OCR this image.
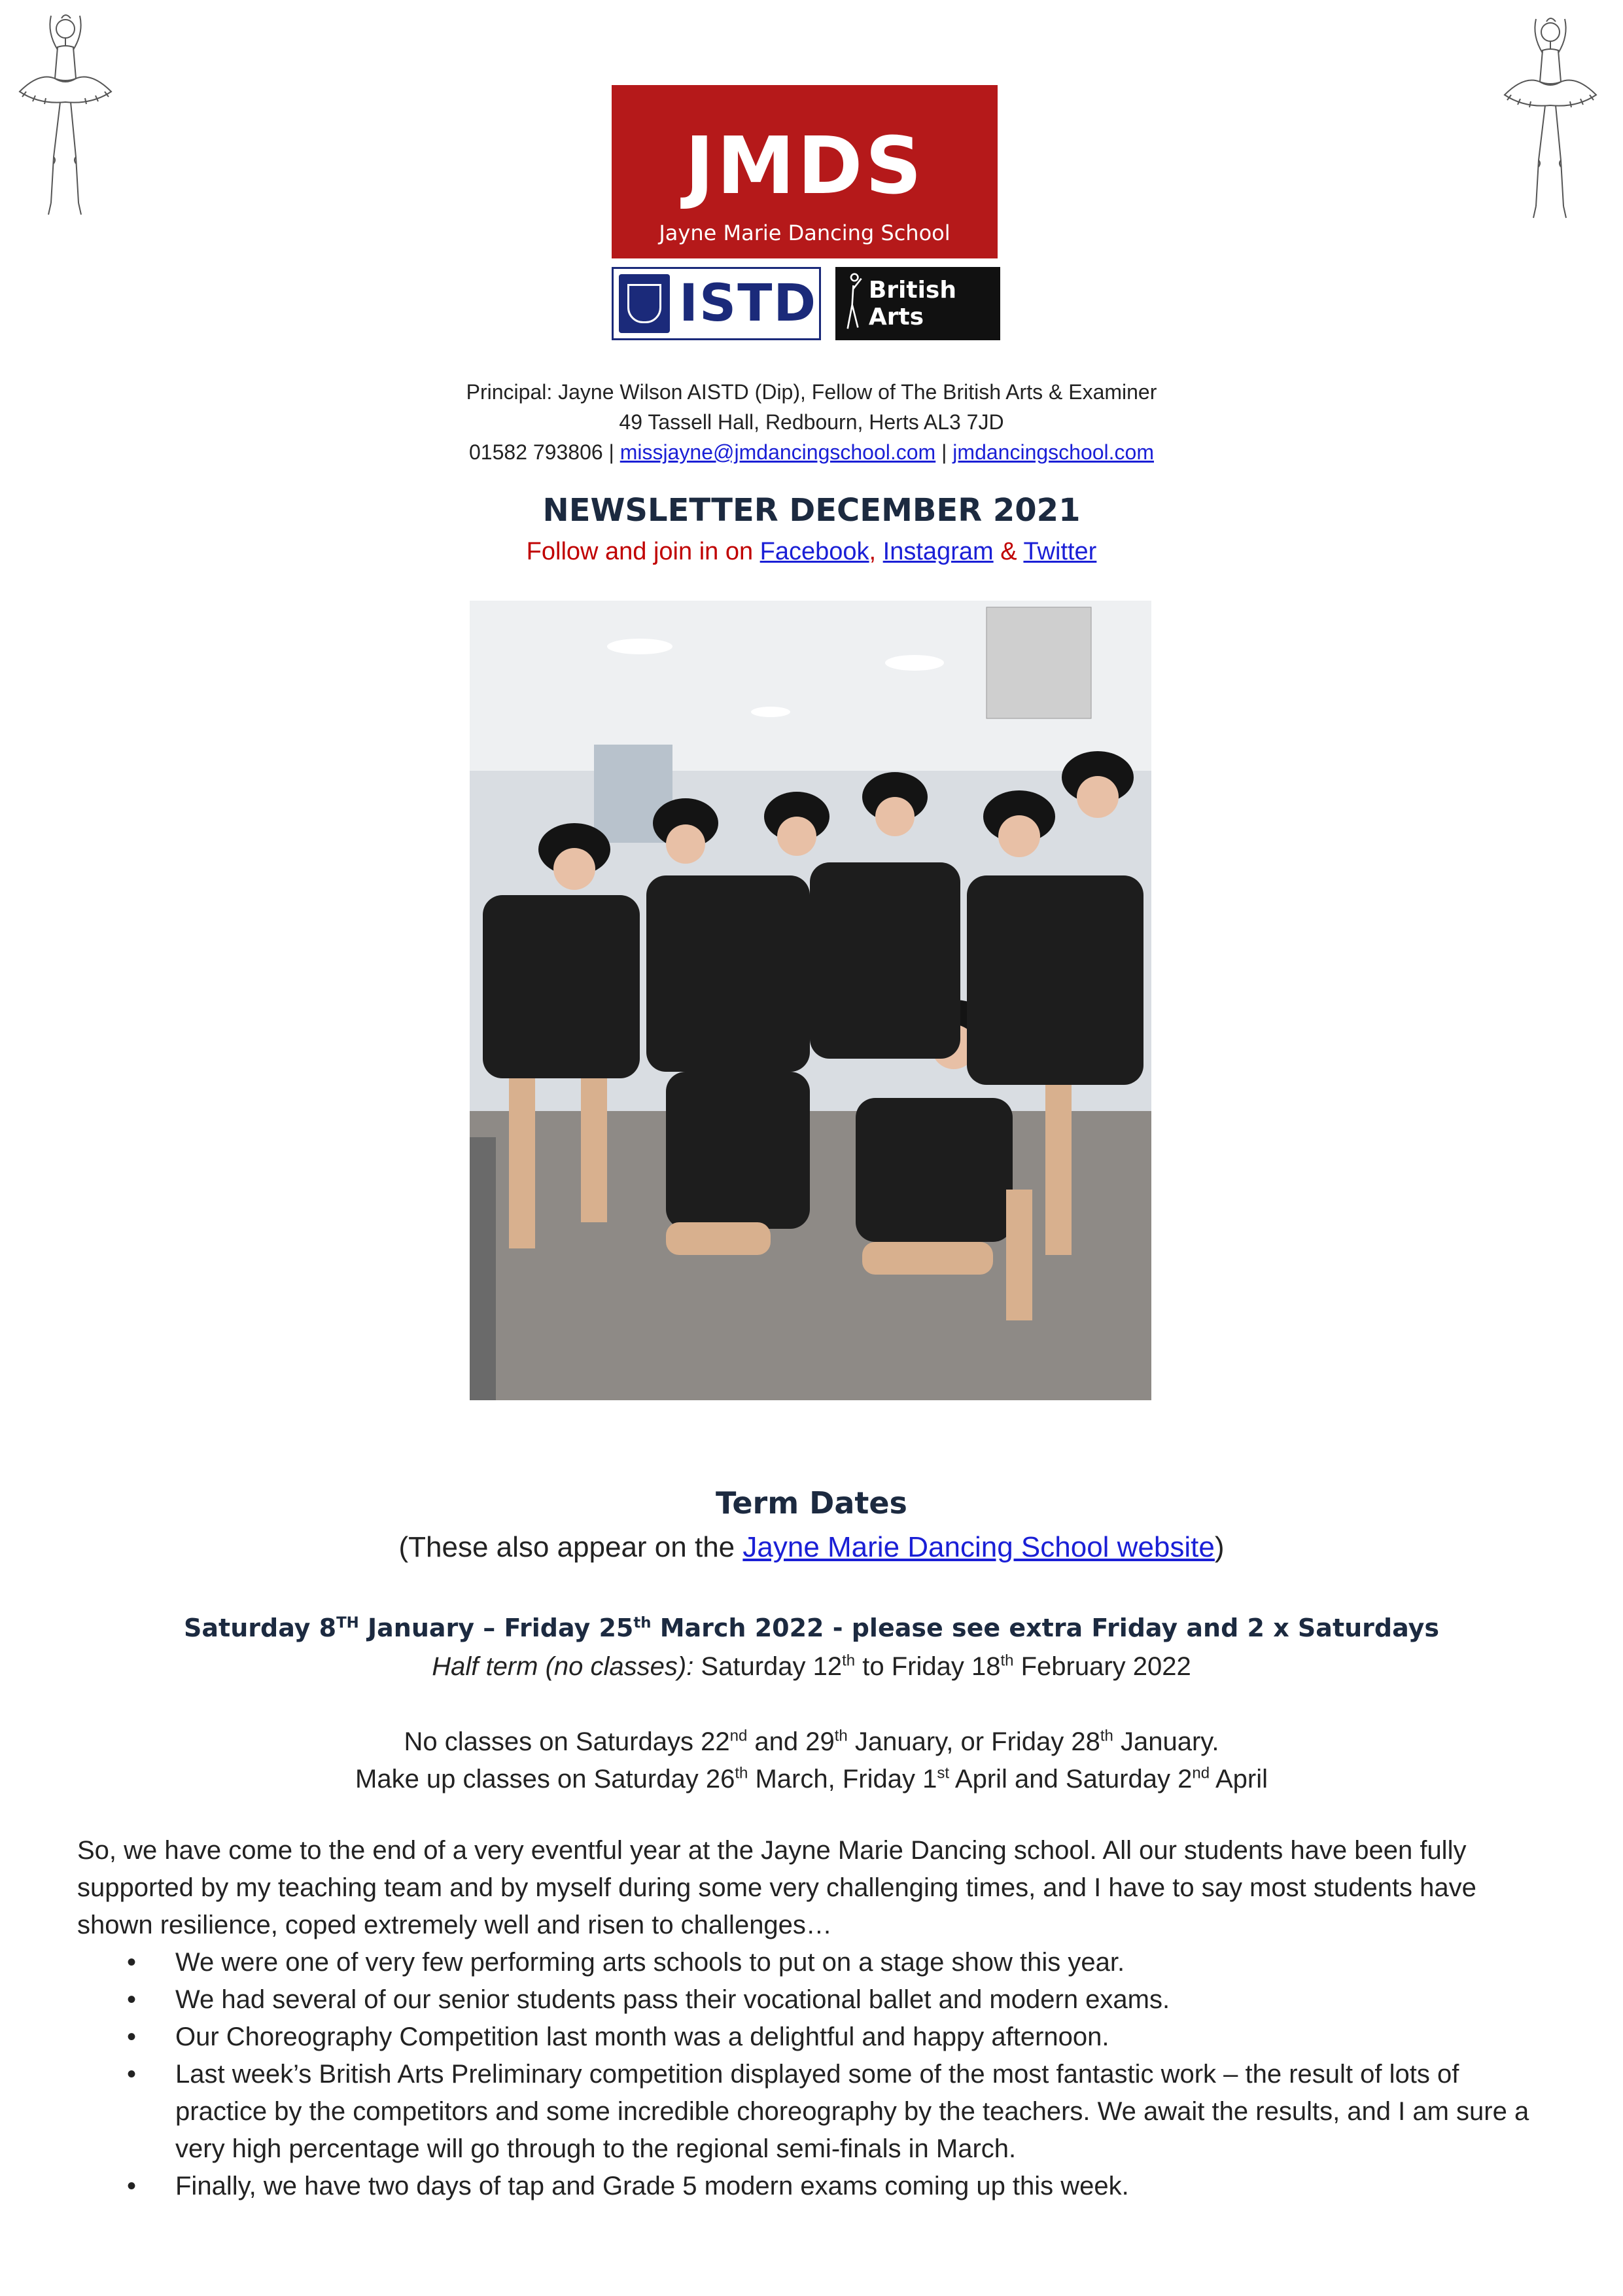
JMDS
Jayne Marie Dancing School
ISTD British Arts
Principal: Jayne Wilson AISTD (Dip), Fellow of The British Arts & Examiner
49 Tassell Hall, Redbourn, Herts AL3 7JD
01582 793806 | missjayne@jmdancingschool.com | jmdancingschool.com
NEWSLETTER DECEMBER 2021
Follow and join in on Facebook, Instagram & Twitter
Term Dates
(These also appear on the Jayne Marie Dancing School website)
Saturday 8TH January – Friday 25th March 2022 - please see extra Friday and 2 x Saturdays
Half term (no classes): Saturday 12th to Friday 18th February 2022
No classes on Saturdays 22nd and 29th January, or Friday 28th January.
Make up classes on Saturday 26th March, Friday 1st April and Saturday 2nd April
So, we have come to the end of a very eventful year at the Jayne Marie Dancing school. All our students have been fully supported by my teaching team and by myself during some very challenging times, and I have to say most students have shown resilience, coped extremely well and risen to challenges…
• We were one of very few performing arts schools to put on a stage show this year.
• We had several of our senior students pass their vocational ballet and modern exams.
• Our Choreography Competition last month was a delightful and happy afternoon.
• Last week’s British Arts Preliminary competition displayed some of the most fantastic work – the result of lots of practice by the competitors and some incredible choreography by the teachers. We await the results, and I am sure a very high percentage will go through to the regional semi-finals in March.
• Finally, we have two days of tap and Grade 5 modern exams coming up this week.
